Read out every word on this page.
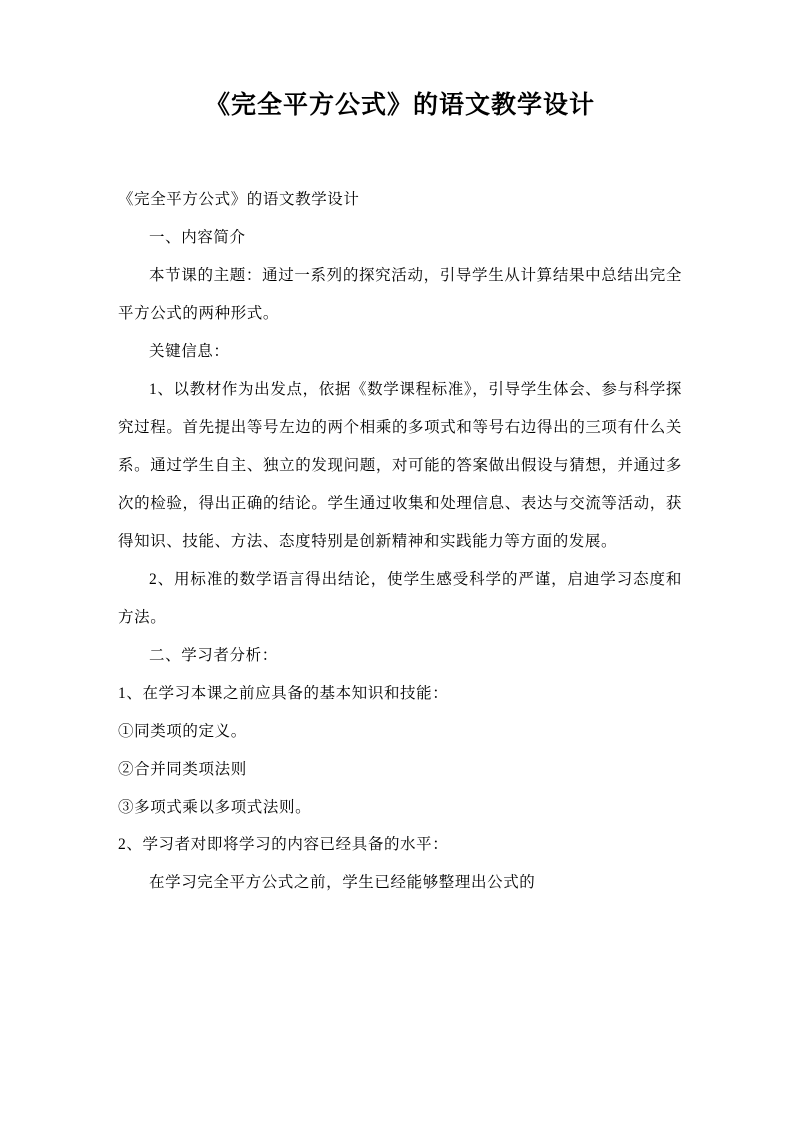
《完全平方公式》的语文教学设计

《完全平方公式》的语文教学设计

一、内容简介

本节课的主题：通过一系列的探究活动，引导学生从计算结果中总结出完全平方公式的两种形式。

关键信息：

1、以教材作为出发点，依据《数学课程标准》，引导学生体会、参与科学探究过程。首先提出等号左边的两个相乘的多项式和等号右边得出的三项有什么关系。通过学生自主、独立的发现问题，对可能的答案做出假设与猜想，并通过多次的检验，得出正确的结论。学生通过收集和处理信息、表达与交流等活动，获得知识、技能、方法、态度特别是创新精神和实践能力等方面的发展。

2、用标准的数学语言得出结论，使学生感受科学的严谨，启迪学习态度和方法。

二、学习者分析：

1、在学习本课之前应具备的基本知识和技能：

①同类项的定义。

②合并同类项法则

③多项式乘以多项式法则。

2、学习者对即将学习的内容已经具备的水平：

在学习完全平方公式之前，学生已经能够整理出公式的
